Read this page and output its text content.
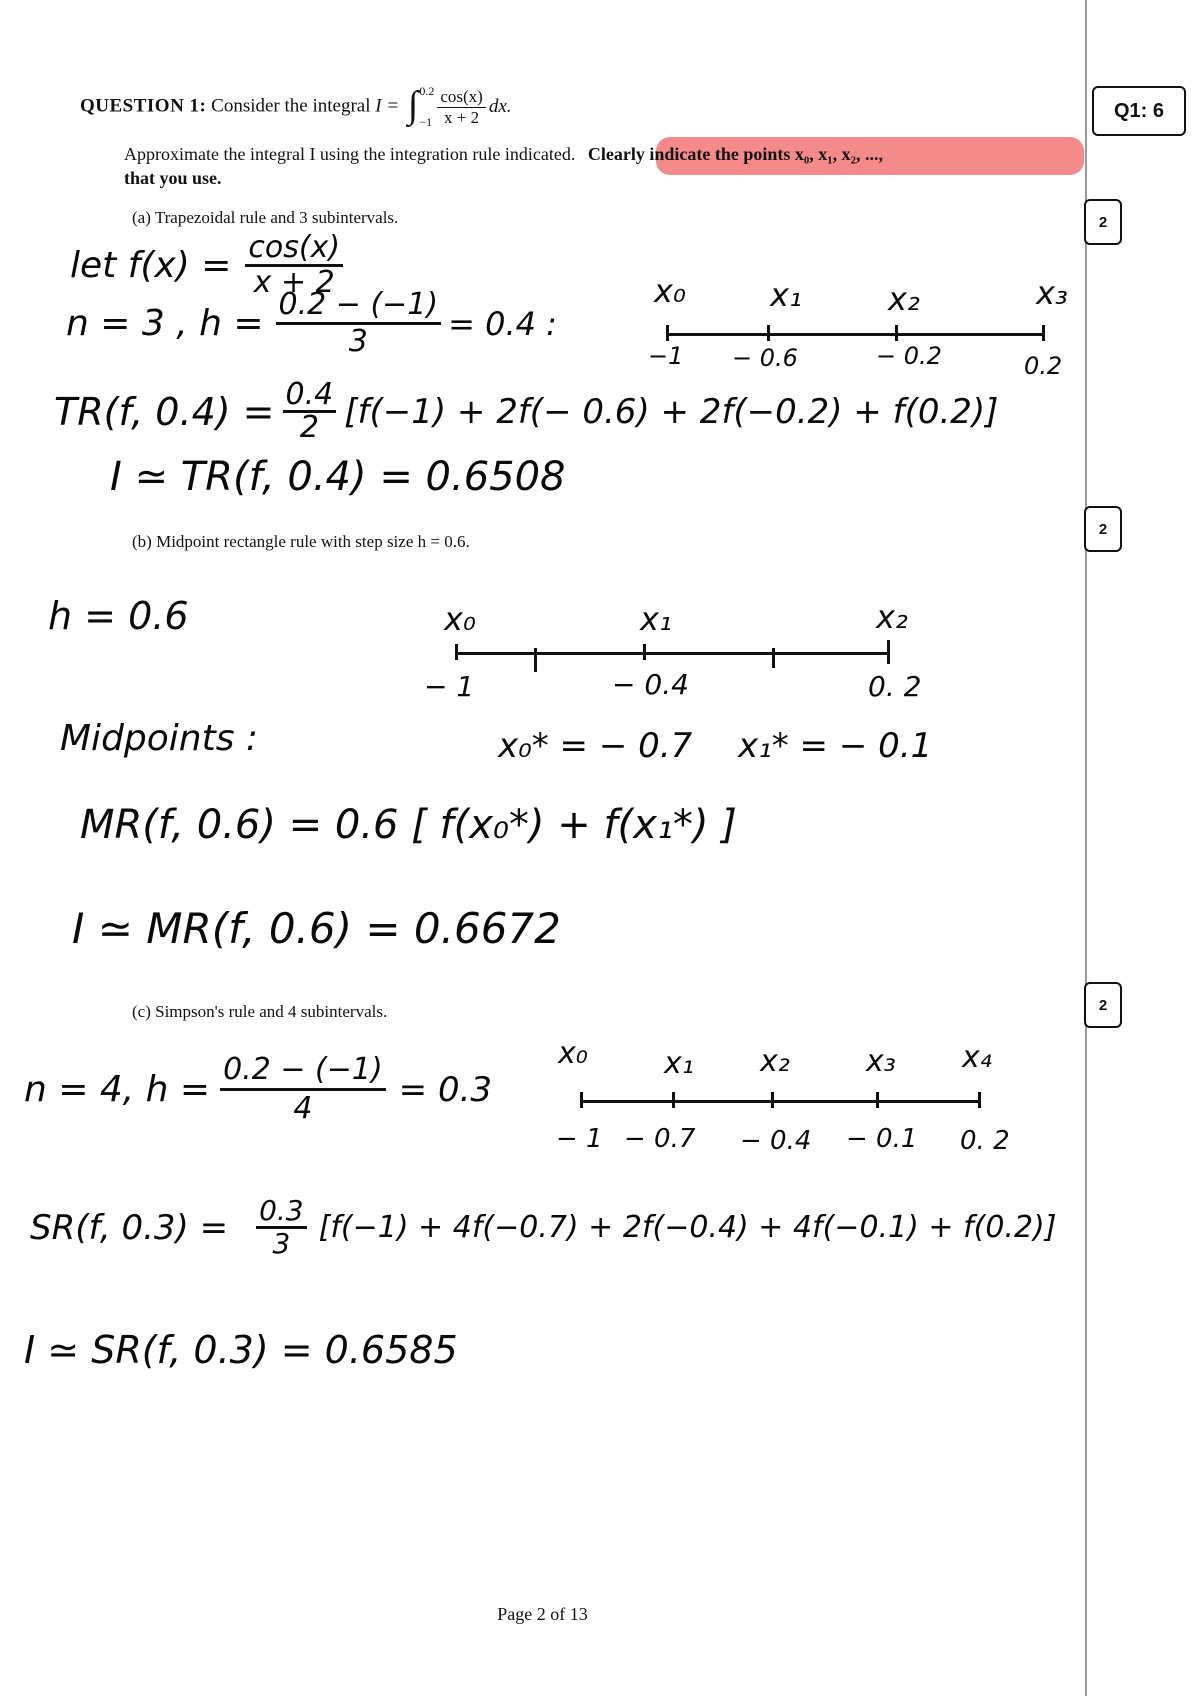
Q1: 6
2
2
2
QUESTION 1: Consider the integral I = ∫ 0.2
$-1 \frac{\cos(x)}{x + 2}$ dx.
Approximate the integral I using the integration rule indicated. Clearly indicate the points x₀, x₁, x₂, ...,
that you use.
(a) Trapezoidal rule and 3 subintervals.
let $f(x) = \frac{\cos(x)}{x + 2}$
n = 3 , $h = \frac{0.2 - (-1)}{3} = 0.4$ :
x₀	x₁	x₂	x₃
−1 − 0.6	− 0.2	0.2
TR(f, $0.4) = \frac{0.4}{2} [f(-1) + 2f(- 0.6) + 2f(-0.2) + f(0.2)]$
I ≃ TR(f, 0.4) = 0.6508
(b) Midpoint rectangle rule with step size h = 0.6.
h = 0.6	x₀	x₁	x₂
− 1	− 0.4	0. 2
Midpoints :	x₀* = − 0.7 x₁* = − 0.1
MR(f, 0.6) = 0.6 [ f(x₀*) + f(x₁*) ]
I ≃ MR(f, 0.6) = 0.6672
(c) Simpson's rule and 4 subintervals.
n = 4, $h = \frac{0.2 - (-1)}{4} = 0.3$
x₀	x₁ x₂	x₃ x₄
− 1 − 0.7 − 0.4 − 0.1 0. 2
SR(f, $0.3) = \frac{0.3}{3} [f(-1) + 4f(-0.7) + 2f(-0.4) + 4f(-0.1) + f(0.2)]$
I ≃ SR(f, 0.3) = 0.6585
Page 2 of 13
